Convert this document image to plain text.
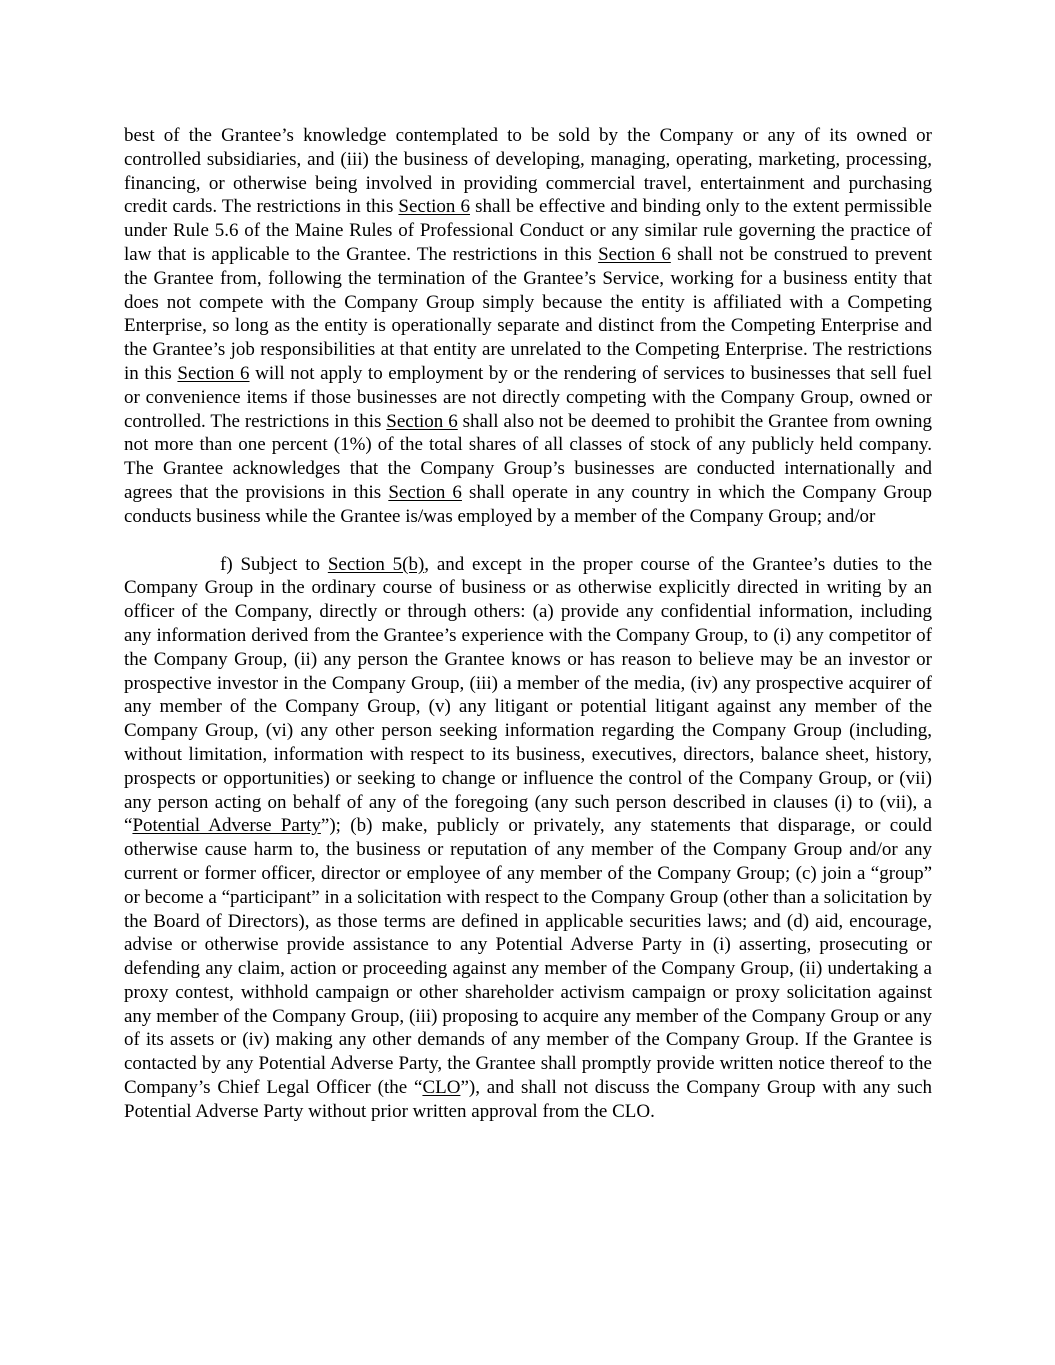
best of the Grantee’s knowledge contemplated to be sold by the Company or any of its owned or controlled subsidiaries, and (iii) the business of developing, managing, operating, marketing, processing, financing, or otherwise being involved in providing commercial travel, entertainment and purchasing credit cards. The restrictions in this Section 6 shall be effective and binding only to the extent permissible under Rule 5.6 of the Maine Rules of Professional Conduct or any similar rule governing the practice of law that is applicable to the Grantee. The restrictions in this Section 6 shall not be construed to prevent the Grantee from, following the termination of the Grantee’s Service, working for a business entity that does not compete with the Company Group simply because the entity is affiliated with a Competing Enterprise, so long as the entity is operationally separate and distinct from the Competing Enterprise and the Grantee’s job responsibilities at that entity are unrelated to the Competing Enterprise. The restrictions in this Section 6 will not apply to employment by or the rendering of services to businesses that sell fuel or convenience items if those businesses are not directly competing with the Company Group, owned or controlled. The restrictions in this Section 6 shall also not be deemed to prohibit the Grantee from owning not more than one percent (1%) of the total shares of all classes of stock of any publicly held company. The Grantee acknowledges that the Company Group’s businesses are conducted internationally and agrees that the provisions in this Section 6 shall operate in any country in which the Company Group conducts business while the Grantee is/was employed by a member of the Company Group; and/or

f) Subject to Section 5(b), and except in the proper course of the Grantee’s duties to the Company Group in the ordinary course of business or as otherwise explicitly directed in writing by an officer of the Company, directly or through others: (a) provide any confidential information, including any information derived from the Grantee’s experience with the Company Group, to (i) any competitor of the Company Group, (ii) any person the Grantee knows or has reason to believe may be an investor or prospective investor in the Company Group, (iii) a member of the media, (iv) any prospective acquirer of any member of the Company Group, (v) any litigant or potential litigant against any member of the Company Group, (vi) any other person seeking information regarding the Company Group (including, without limitation, information with respect to its business, executives, directors, balance sheet, history, prospects or opportunities) or seeking to change or influence the control of the Company Group, or (vii) any person acting on behalf of any of the foregoing (any such person described in clauses (i) to (vii), a “Potential Adverse Party”); (b) make, publicly or privately, any statements that disparage, or could otherwise cause harm to, the business or reputation of any member of the Company Group and/or any current or former officer, director or employee of any member of the Company Group; (c) join a “group” or become a “participant” in a solicitation with respect to the Company Group (other than a solicitation by the Board of Directors), as those terms are defined in applicable securities laws; and (d) aid, encourage, advise or otherwise provide assistance to any Potential Adverse Party in (i) asserting, prosecuting or defending any claim, action or proceeding against any member of the Company Group, (ii) undertaking a proxy contest, withhold campaign or other shareholder activism campaign or proxy solicitation against any member of the Company Group, (iii) proposing to acquire any member of the Company Group or any of its assets or (iv) making any other demands of any member of the Company Group. If the Grantee is contacted by any Potential Adverse Party, the Grantee shall promptly provide written notice thereof to the Company’s Chief Legal Officer (the “CLO”), and shall not discuss the Company Group with any such Potential Adverse Party without prior written approval from the CLO.
